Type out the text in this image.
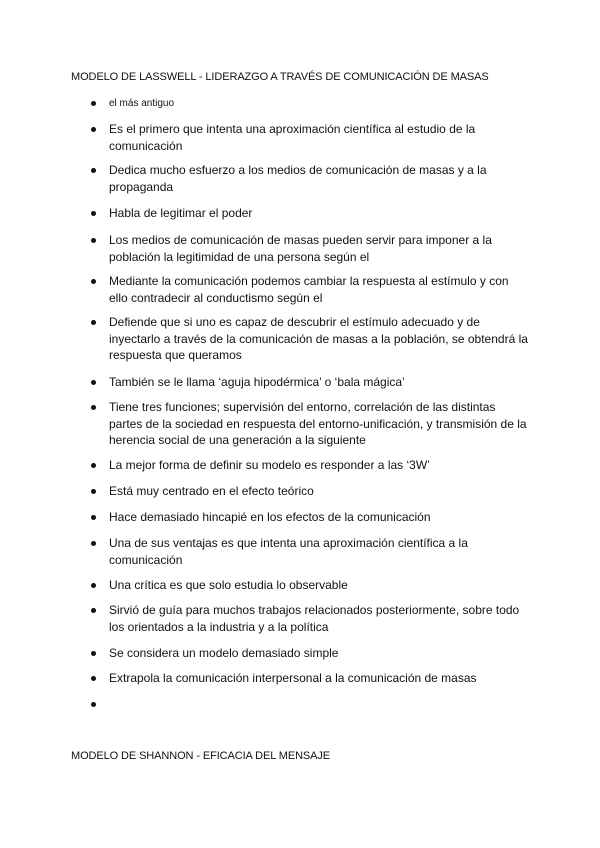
MODELO DE LASSWELL - LIDERAZGO A TRAVÉS DE COMUNICACIÓN DE MASAS
el más antiguo
Es el primero que intenta una aproximación científica al estudio de la comunicación
Dedica mucho esfuerzo a los medios de comunicación de masas y a la propaganda
Habla de legitimar el poder
Los medios de comunicación de masas pueden servir para imponer a la población la legitimidad de una persona según el
Mediante la comunicación podemos cambiar la respuesta al estímulo y con ello contradecir al conductismo según el
Defiende que si uno es capaz de descubrir el estímulo adecuado y de inyectarlo a través de la comunicación de masas a la población, se obtendrá la respuesta que queramos
También se le llama ‘aguja hipodérmica’ o ‘bala mágica’
Tiene tres funciones; supervisión del entorno, correlación de las distintas partes de la sociedad en respuesta del entorno-unificación, y transmisión de la herencia social de una generación a la siguiente
La mejor forma de definir su modelo es responder a las ‘3W’
Está muy centrado en el efecto teórico
Hace demasiado hincapié en los efectos de la comunicación
Una de sus ventajas es que intenta una aproximación científica a la comunicación
Una crítica es que solo estudia lo observable
Sirvió de guía para muchos trabajos relacionados posteriormente, sobre todo los orientados a la industria y a la política
Se considera un modelo demasiado simple
Extrapola la comunicación interpersonal a la comunicación de masas
MODELO DE SHANNON - EFICACIA DEL MENSAJE
